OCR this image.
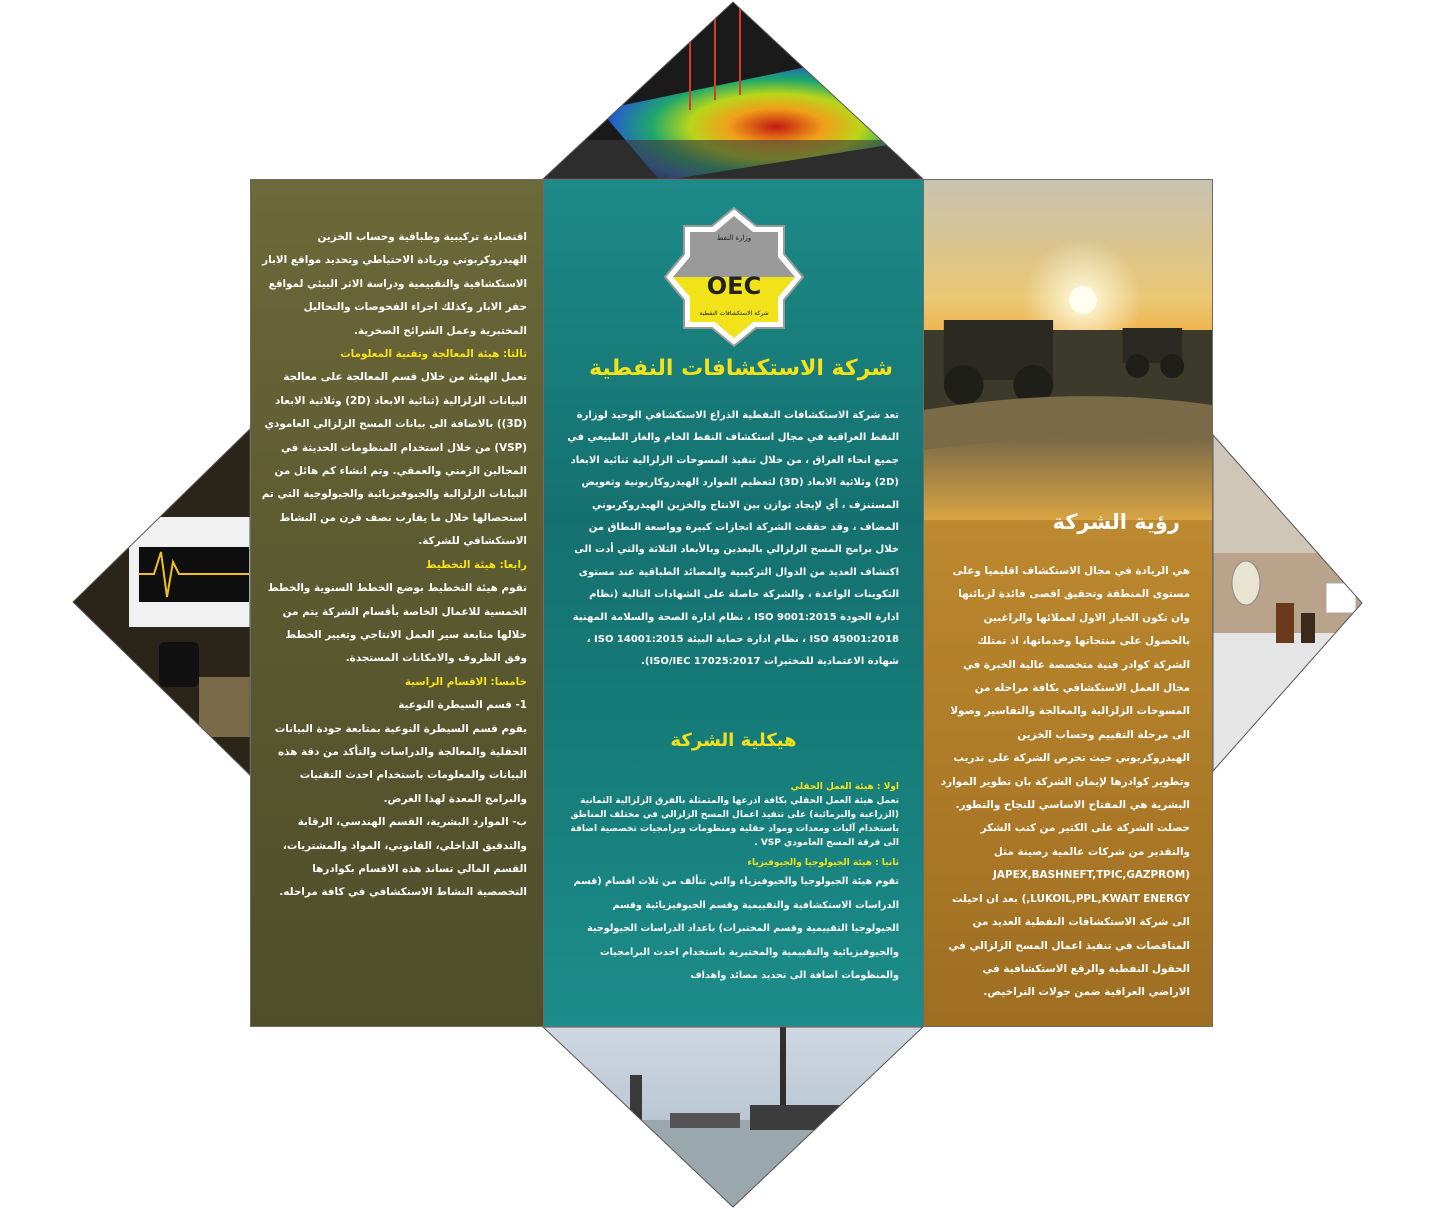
اقتصادية تركيبية وطباقية وحساب الخزين الهيدروكربوني وزيادة الاحتياطي وتحديد مواقع الابار الاستكشافية والتقييمية ودراسة الاثر البيئي لمواقع حفر الابار وكذلك اجراء الفحوصات والتحاليل المختبرية وعمل الشرائح الصخرية.

ثالثا: هيئة المعالجة وتقنية المعلومات

تعمل الهيئة من خلال قسم المعالجة على معالجة البيانات الزلزالية (ثنائية الابعاد (2D) وثلاثية الابعاد (3D)) بالاضافة الى بيانات المسح الزلزالي العامودي (VSP) من خلال استخدام المنظومات الحديثة في المجالين الزمني والعمقي. وتم انشاء كم هائل من البيانات الزلزالية والجيوفيزيائية والجيولوجية التي تم استحصالها خلال ما يقارب نصف قرن من النشاط الاستكشافي للشركة.

رابعا: هيئة التخطيط

تقوم هيئة التخطيط بوضع الخطط السنوية والخطط الخمسية للاعمال الخاصة بأقسام الشركة يتم من خلالها متابعة سير العمل الانتاجي وتغيير الخطط وفق الظروف والامكانات المستجدة.

خامسا: الاقسام الراسية

1- قسم السيطرة النوعية

يقوم قسم السيطرة النوعية بمتابعة جودة البيانات الحقلية والمعالجة والدراسات والتأكد من دقة هذه البيانات والمعلومات باستخدام احدث التقنيات والبرامج المعدة لهذا الغرض.

ب- الموارد البشرية، القسم الهندسي، الرقابة والتدقيق الداخلي، القانوني، المواد والمشتريات، القسم المالي تساند هذه الاقسام بكوادرها التخصصية النشاط الاستكشافي في كافة مراحله.

وزارة النفط
OEC
شركة الاستكشافات النفطية
شركة الاستكشافات النفطية
تعد شركة الاستكشافات النفطية الذراع الاستكشافي الوحيد لوزارة النفط العراقية في مجال استكشاف النفط الخام والغاز الطبيعي في جميع انحاء العراق ، من خلال تنفيذ المسوحات الزلزالية ثنائية الابعاد (2D) وثلاثية الابعاد (3D) لتعظيم الموارد الهيدروكاربونية وتعويض المستنزف ، أي لإيجاد توازن بين الانتاج والخزين الهيدروكربوني المضاف ، وقد حققت الشركة انجازات كبيرة وواسعة النطاق من خلال برامج المسح الزلزالي بالبعدين وبالأبعاد الثلاثة والتي أدت الى اكتشاف العديد من الدوال التركيبية والمصائد الطباقية عند مستوى التكوينات الواعدة ، والشركة حاصلة على الشهادات التالية (نظام ادارة الجودة ISO 9001:2015 ، نظام ادارة الصحة والسلامة المهنية ISO 45001:2018 ، نظام ادارة حماية البيئة ISO 14001:2015 ، شهادة الاعتمادية للمختبرات ISO/IEC 17025:2017).
هيكلية الشركة
اولا : هيئة العمل الحقلي

تعمل هيئة العمل الحقلي بكافة اذرعها والمتمثلة بالفرق الزلزالية الثمانية (الزراعية والبرمائية) على تنفيذ اعمال المسح الزلزالي في مختلف المناطق باستخدام آليات ومعدات ومواد حقلية ومنظومات وبرامجيات تخصصية اضافة الى فرقة المسح العامودي VSP .

ثانيا : هيئة الجيولوجيا والجيوفيزياء

تقوم هيئة الجيولوجيا والجيوفيزياء والتي تتألف من ثلاث اقسام (قسم الدراسات الاستكشافية والتقييمية وقسم الجيوفيزيائية وقسم الجيولوجيا التقييمية وقسم المختبرات) باعداد الدراسات الجيولوجية والجيوفيزيائية والتقييمية والمختبرية باستخدام احدث البرامجيات والمنظومات اضافة الى تحديد مصائد واهداف

رؤية الشركة

هي الريادة في مجال الاستكشاف اقليميا وعلى مستوى المنطقة وتحقيق اقصى فائدة لزبائنها وان تكون الخيار الاول لعملائها والراغبين بالحصول على منتجاتها وخدماتها، اذ تمتلك الشركة كوادر فنية متخصصة عالية الخبرة في مجال العمل الاستكشافي بكافة مراحله من المسوحات الزلزالية والمعالجة والتفاسير وصولا الى مرحلة التقييم وحساب الخزين الهيدروكربوني حيث تحرص الشركة على تدريب وتطوير كوادرها لإيمان الشركة بان تطوير الموارد البشرية هي المفتاح الاساسي للنجاح والتطور.

حصلت الشركة على الكثير من كتب الشكر والتقدير من شركات عالمية رصينة مثل (JAPEX,BASHNEFT,TPIC,GAZPROM ,LUKOIL,PPL,KWAIT ENERGY) بعد ان احيلت الى شركة الاستكشافات النفطية العديد من المناقصات في تنفيذ اعمال المسح الزلزالي في الحقول النفطية والرقع الاستكشافية في الاراضي العراقية ضمن جولات التراخيص.
